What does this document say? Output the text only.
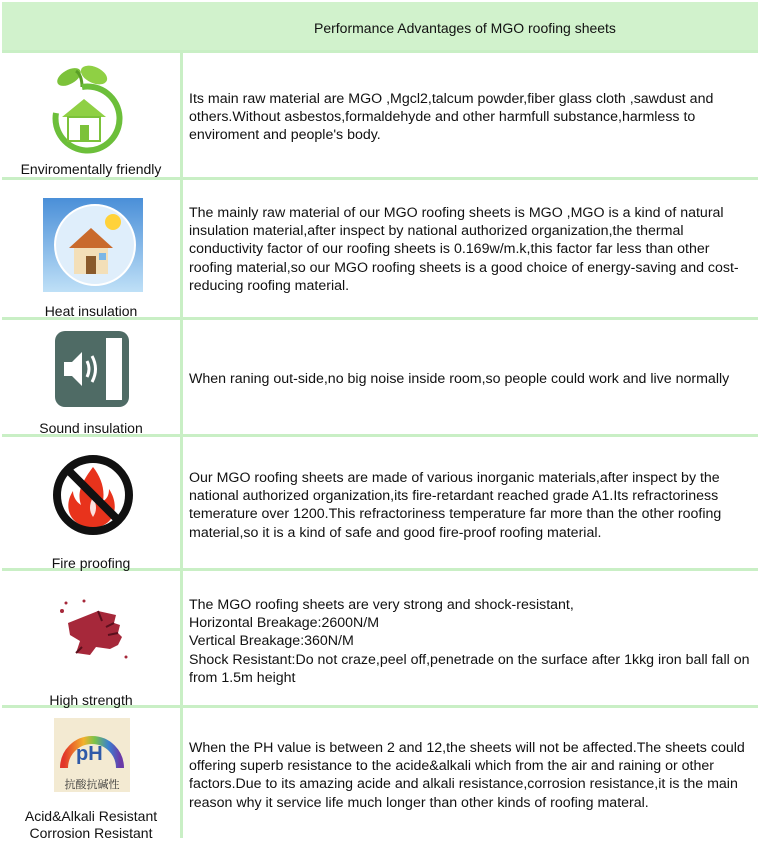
Performance Advantages of MGO roofing sheets
Enviromentally friendly
Its main raw material are MGO ,Mgcl2,talcum powder,fiber glass cloth ,sawdust and others.Without asbestos,formaldehyde and other harmfull substance,harmless to enviroment and people's body.
Heat insulation
The mainly raw material of our MGO roofing sheets is MGO ,MGO is a kind of natural insulation material,after inspect by national authorized organization,the thermal conductivity factor of our roofing sheets is 0.169w/m.k,this factor far less than other roofing material,so our MGO roofing sheets is a good choice of energy-saving and cost-reducing roofing material.
Sound insulation
When raning out-side,no big noise inside room,so people could work and live normally
Fire proofing
Our MGO roofing sheets are made of various inorganic materials,after inspect by the national authorized organization,its fire-retardant reached grade A1.Its refractoriness temerature over 1200.This refractoriness temperature far more than the other roofing material,so it is a kind of safe and good fire-proof roofing material.
High strength
The MGO roofing sheets are very strong and shock-resistant,
Horizontal Breakage:2600N/M
Vertical Breakage:360N/M
Shock Resistant:Do not craze,peel off,penetrade on the surface after 1kkg iron ball fall on from 1.5m height
pH
抗酸抗碱性
Acid&Alkali Resistant
Corrosion Resistant
When the PH value is between 2 and 12,the sheets will not be affected.The sheets could offering superb resistance to the acide&alkali which from the air and raining or other factors.Due to its amazing acide and alkali resistance,corrosion resistance,it is the main reason why it service life much longer than other kinds of roofing materal.
